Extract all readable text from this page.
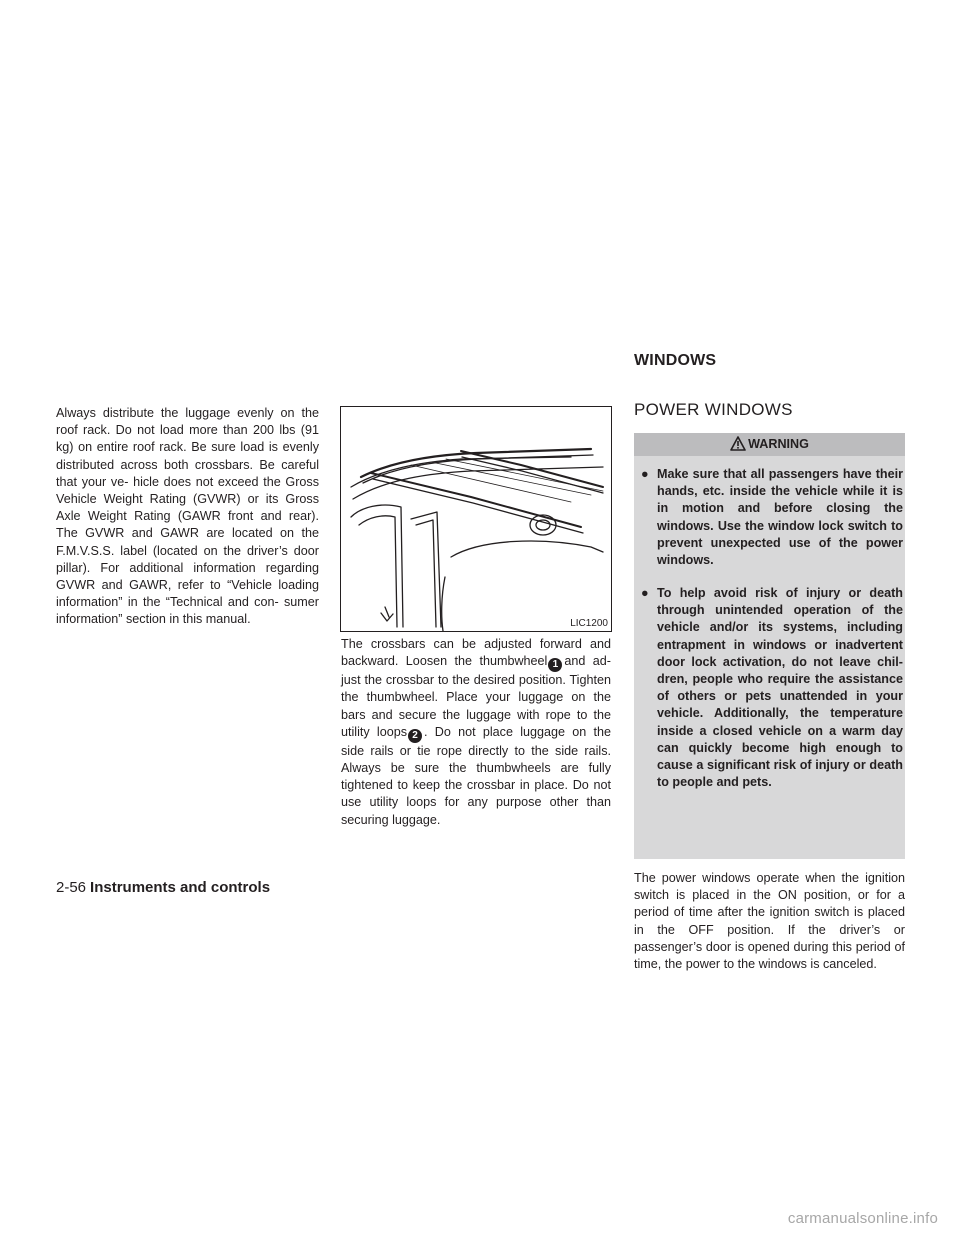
Always distribute the luggage evenly on the roof rack. Do not load more than 200 lbs (91 kg) on entire roof rack. Be sure load is evenly distributed across both crossbars. Be careful that your ve- hicle does not exceed the Gross Vehicle Weight Rating (GVWR) or its Gross Axle Weight Rating (GAWR front and rear). The GVWR and GAWR are located on the F.M.V.S.S. label (located on the driver’s door pillar). For additional information regarding GVWR and GAWR, refer to “Vehicle loading information” in the “Technical and con- sumer information” section in this manual.	LIC1200

The crossbars can be adjusted forward and backward. Loosen the thumbwheel 1 and ad- just the crossbar to the desired position. Tighten the thumbwheel. Place your luggage on the bars and secure the luggage with rope to the utility loops 2 . Do not place luggage on the side rails or tie rope directly to the side rails. Always be sure the thumbwheels are fully tightened to keep the crossbar in place. Do not use utility loops for any purpose other than securing luggage.

WINDOWS
POWER WINDOWS
WARNING
● Make sure that all passengers have their hands, etc. inside the vehicle while it is in motion and before closing the windows. Use the window lock switch to prevent unexpected use of the power windows.
● To help avoid risk of injury or death through unintended operation of the vehicle and/or its systems, including entrapment in windows or inadvertent door lock activation, do not leave chil- dren, people who require the assistance of others or pets unattended in your vehicle. Additionally, the temperature inside a closed vehicle on a warm day can quickly become high enough to cause a significant risk of injury or death to people and pets.

The power windows operate when the ignition switch is placed in the ON position, or for a period of time after the ignition switch is placed in the OFF position. If the driver’s or passenger’s door is opened during this period of time, the power to the windows is canceled.

2-56 Instruments and controls
carmanualsonline.info
